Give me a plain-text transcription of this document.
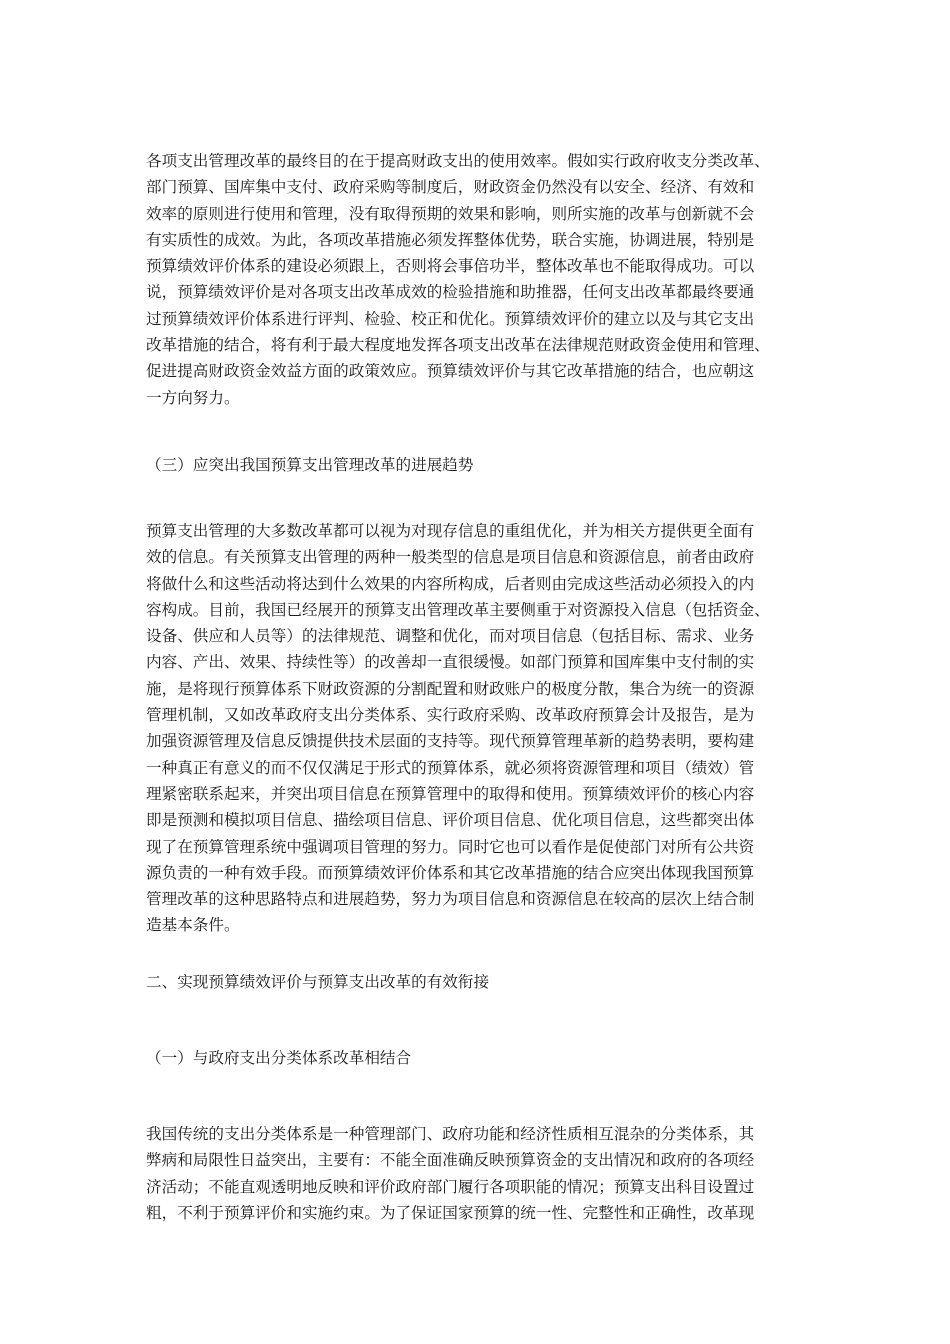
各项支出管理改革的最终目的在于提高财政支出的使用效率。假如实行政府收支分类改革、
部门预算、国库集中支付、政府采购等制度后，财政资金仍然没有以安全、经济、有效和
效率的原则进行使用和管理，没有取得预期的效果和影响，则所实施的改革与创新就不会
有实质性的成效。为此，各项改革措施必须发挥整体优势，联合实施，协调进展，特别是
预算绩效评价体系的建设必须跟上，否则将会事倍功半，整体改革也不能取得成功。可以
说，预算绩效评价是对各项支出改革成效的检验措施和助推器，任何支出改革都最终要通
过预算绩效评价体系进行评判、检验、校正和优化。预算绩效评价的建立以及与其它支出
改革措施的结合，将有利于最大程度地发挥各项支出改革在法律规范财政资金使用和管理、
促进提高财政资金效益方面的政策效应。预算绩效评价与其它改革措施的结合，也应朝这
一方向努力。
（三）应突出我国预算支出管理改革的进展趋势
预算支出管理的大多数改革都可以视为对现存信息的重组优化，并为相关方提供更全面有
效的信息。有关预算支出管理的两种一般类型的信息是项目信息和资源信息，前者由政府
将做什么和这些活动将达到什么效果的内容所构成，后者则由完成这些活动必须投入的内
容构成。目前，我国已经展开的预算支出管理改革主要侧重于对资源投入信息（包括资金、
设备、供应和人员等）的法律规范、调整和优化，而对项目信息（包括目标、需求、业务
内容、产出、效果、持续性等）的改善却一直很缓慢。如部门预算和国库集中支付制的实
施，是将现行预算体系下财政资源的分割配置和财政账户的极度分散，集合为统一的资源
管理机制，又如改革政府支出分类体系、实行政府采购、改革政府预算会计及报告，是为
加强资源管理及信息反馈提供技术层面的支持等。现代预算管理革新的趋势表明，要构建
一种真正有意义的而不仅仅满足于形式的预算体系，就必须将资源管理和项目（绩效）管
理紧密联系起来，并突出项目信息在预算管理中的取得和使用。预算绩效评价的核心内容
即是预测和模拟项目信息、描绘项目信息、评价项目信息、优化项目信息，这些都突出体
现了在预算管理系统中强调项目管理的努力。同时它也可以看作是促使部门对所有公共资
源负责的一种有效手段。而预算绩效评价体系和其它改革措施的结合应突出体现我国预算
管理改革的这种思路特点和进展趋势，努力为项目信息和资源信息在较高的层次上结合制
造基本条件。
二、实现预算绩效评价与预算支出改革的有效衔接
（一）与政府支出分类体系改革相结合
我国传统的支出分类体系是一种管理部门、政府功能和经济性质相互混杂的分类体系，其
弊病和局限性日益突出，主要有：不能全面准确反映预算资金的支出情况和政府的各项经
济活动；不能直观透明地反映和评价政府部门履行各项职能的情况；预算支出科目设置过
粗，不利于预算评价和实施约束。为了保证国家预算的统一性、完整性和正确性，改革现
